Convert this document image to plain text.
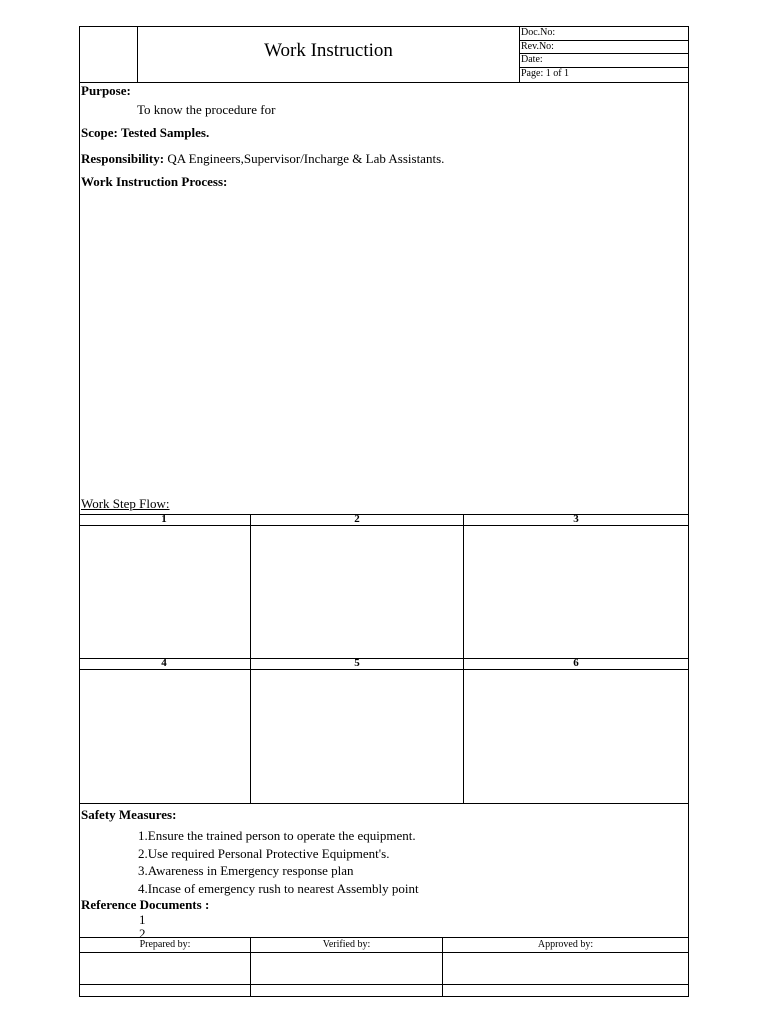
Work Instruction
Doc.No:
Rev.No:
Date:
Page: 1 of 1
Purpose:
To know the procedure for
Scope: Tested Samples.
Responsibility: QA Engineers,Supervisor/Incharge & Lab Assistants.
Work Instruction Process:
Work Step Flow:
1	2	3
4	5	6
Safety Measures:
1.Ensure the trained person to operate the equipment.
2.Use required Personal Protective Equipment's.
3.Awareness in Emergency response plan
4.Incase of emergency rush to nearest Assembly point
Reference Documents :
1
2
Prepared by:	Verified by:	Approved by:
